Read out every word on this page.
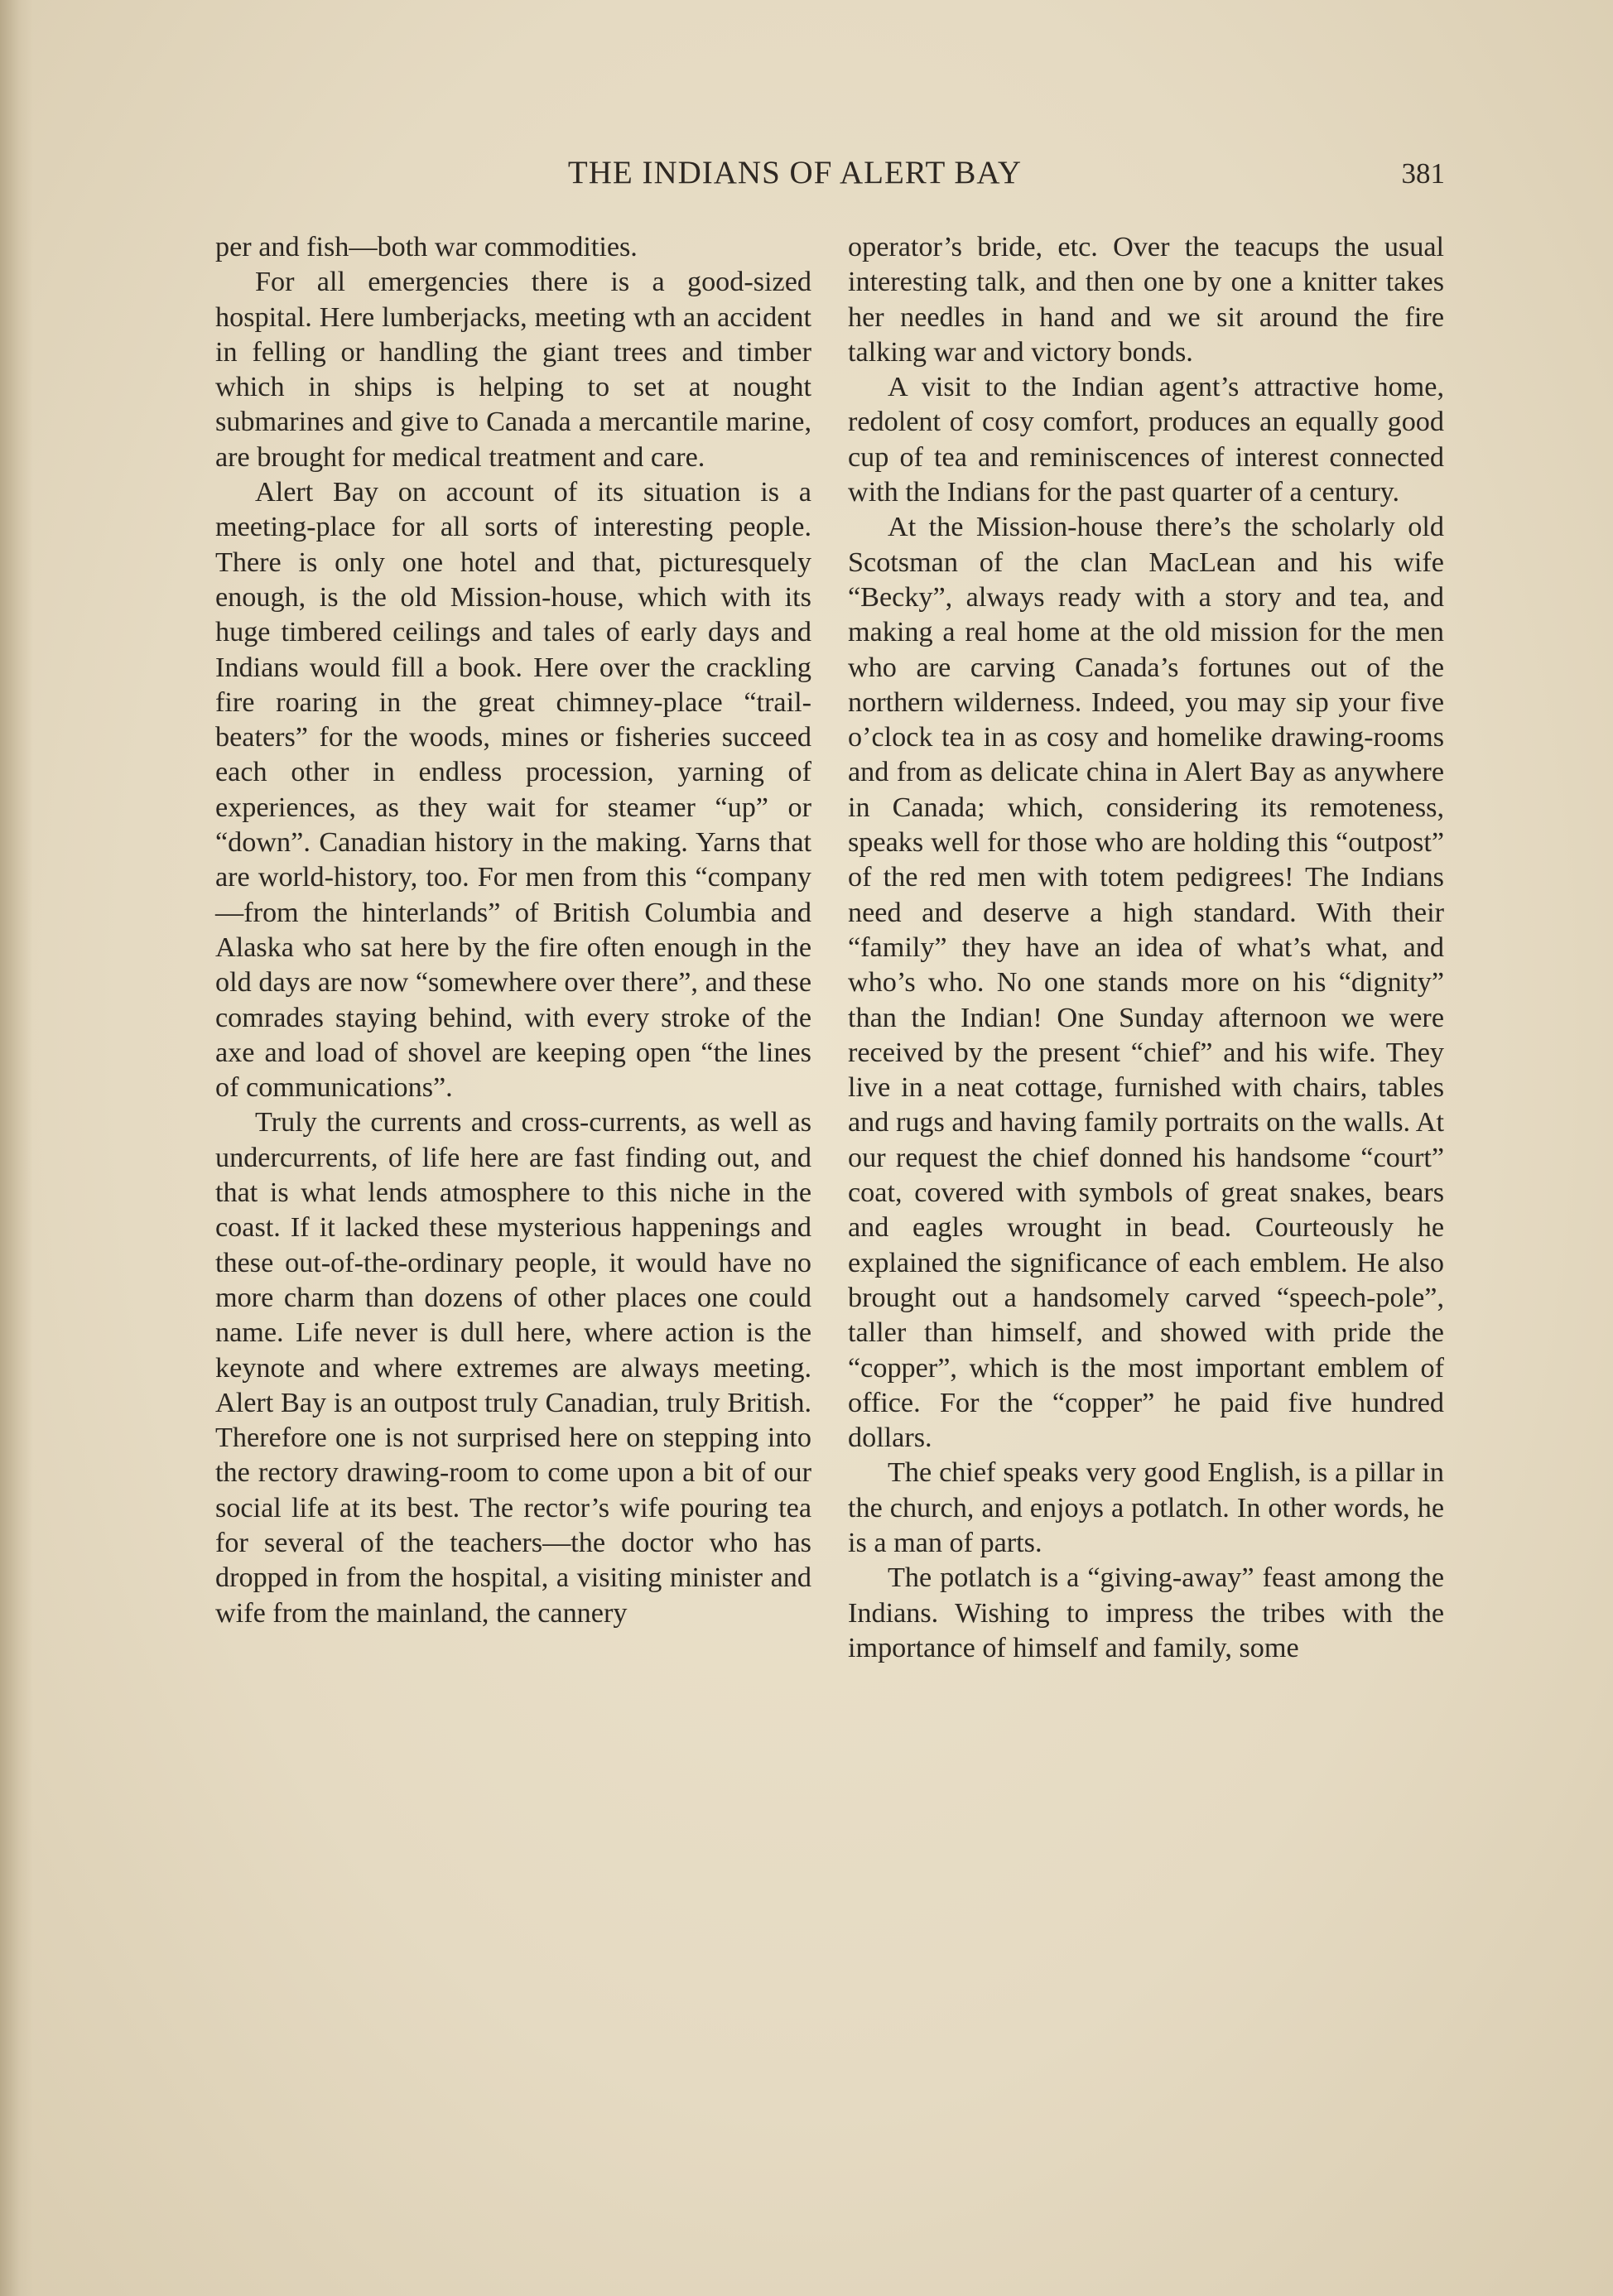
THE INDIANS OF ALERT BAY	381

per and fish—both war commodities.

For all emergencies there is a good-sized hospital. Here lumberjacks, meeting wth an accident in felling or handling the giant trees and timber which in ships is helping to set at nought submarines and give to Canada a mercantile marine, are brought for medical treatment and care.

Alert Bay on account of its situation is a meeting-place for all sorts of interesting people. There is only one hotel and that, picturesquely enough, is the old Mission-house, which with its huge timbered ceilings and tales of early days and Indians would fill a book. Here over the crackling fire roaring in the great chimney-place “trail-beaters” for the woods, mines or fisheries succeed each other in endless procession, yarning of experiences, as they wait for steamer “up” or “down”. Canadian history in the making. Yarns that are world-history, too. For men from this “company—from the hinterlands” of British Columbia and Alaska who sat here by the fire often enough in the old days are now “somewhere over there”, and these comrades staying behind, with every stroke of the axe and load of shovel are keeping open “the lines of communications”.

Truly the currents and cross-currents, as well as undercurrents, of life here are fast finding out, and that is what lends atmosphere to this niche in the coast. If it lacked these mysterious happenings and these out-of-the-ordinary people, it would have no more charm than dozens of other places one could name. Life never is dull here, where action is the keynote and where extremes are always meeting. Alert Bay is an outpost truly Canadian, truly British. Therefore one is not surprised here on stepping into the rectory drawing-room to come upon a bit of our social life at its best. The rector’s wife pouring tea for several of the teachers—the doctor who has dropped in from the hospital, a visiting minister and wife from the mainland, the cannery

operator’s bride, etc. Over the teacups the usual interesting talk, and then one by one a knitter takes her needles in hand and we sit around the fire talking war and victory bonds.

A visit to the Indian agent’s attractive home, redolent of cosy comfort, produces an equally good cup of tea and reminiscences of interest connected with the Indians for the past quarter of a century.

At the Mission-house there’s the scholarly old Scotsman of the clan MacLean and his wife “Becky”, always ready with a story and tea, and making a real home at the old mission for the men who are carving Canada’s fortunes out of the northern wilderness. Indeed, you may sip your five o’clock tea in as cosy and homelike drawing-rooms and from as delicate china in Alert Bay as anywhere in Canada; which, considering its remoteness, speaks well for those who are holding this “outpost” of the red men with totem pedigrees! The Indians need and deserve a high standard. With their “family” they have an idea of what’s what, and who’s who. No one stands more on his “dignity” than the Indian! One Sunday afternoon we were received by the present “chief” and his wife. They live in a neat cottage, furnished with chairs, tables and rugs and having family portraits on the walls. At our request the chief donned his handsome “court” coat, covered with symbols of great snakes, bears and eagles wrought in bead. Courteously he explained the significance of each emblem. He also brought out a handsomely carved “speech-pole”, taller than himself, and showed with pride the “copper”, which is the most important emblem of office. For the “copper” he paid five hundred dollars.

The chief speaks very good English, is a pillar in the church, and enjoys a potlatch. In other words, he is a man of parts.

The potlatch is a “giving-away” feast among the Indians. Wishing to impress the tribes with the importance of himself and family, some
